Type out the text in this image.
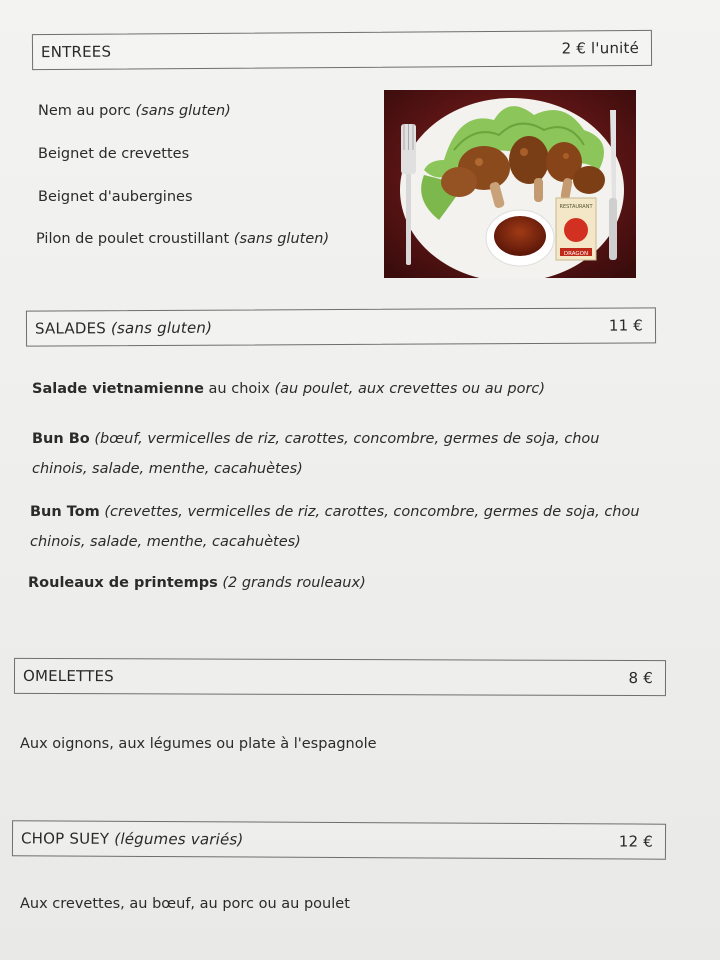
ENTREES	2 € l'unité
Nem au porc (sans gluten)
Beignet de crevettes
Beignet d'aubergines
Pilon de poulet croustillant (sans gluten)
RESTAURANT
DRAGON
SALADES (sans gluten)	11 €
Salade vietnamienne au choix (au poulet, aux crevettes ou au porc)
Bun Bo (bœuf, vermicelles de riz, carottes, concombre, germes de soja, chou chinois, salade, menthe, cacahuètes)
Bun Tom (crevettes, vermicelles de riz, carottes, concombre, germes de soja, chou chinois, salade, menthe, cacahuètes)
Rouleaux de printemps (2 grands rouleaux)
OMELETTES	8 €
Aux oignons, aux légumes ou plate à l'espagnole
CHOP SUEY (légumes variés)	12 €
Aux crevettes, au bœuf, au porc ou au poulet
